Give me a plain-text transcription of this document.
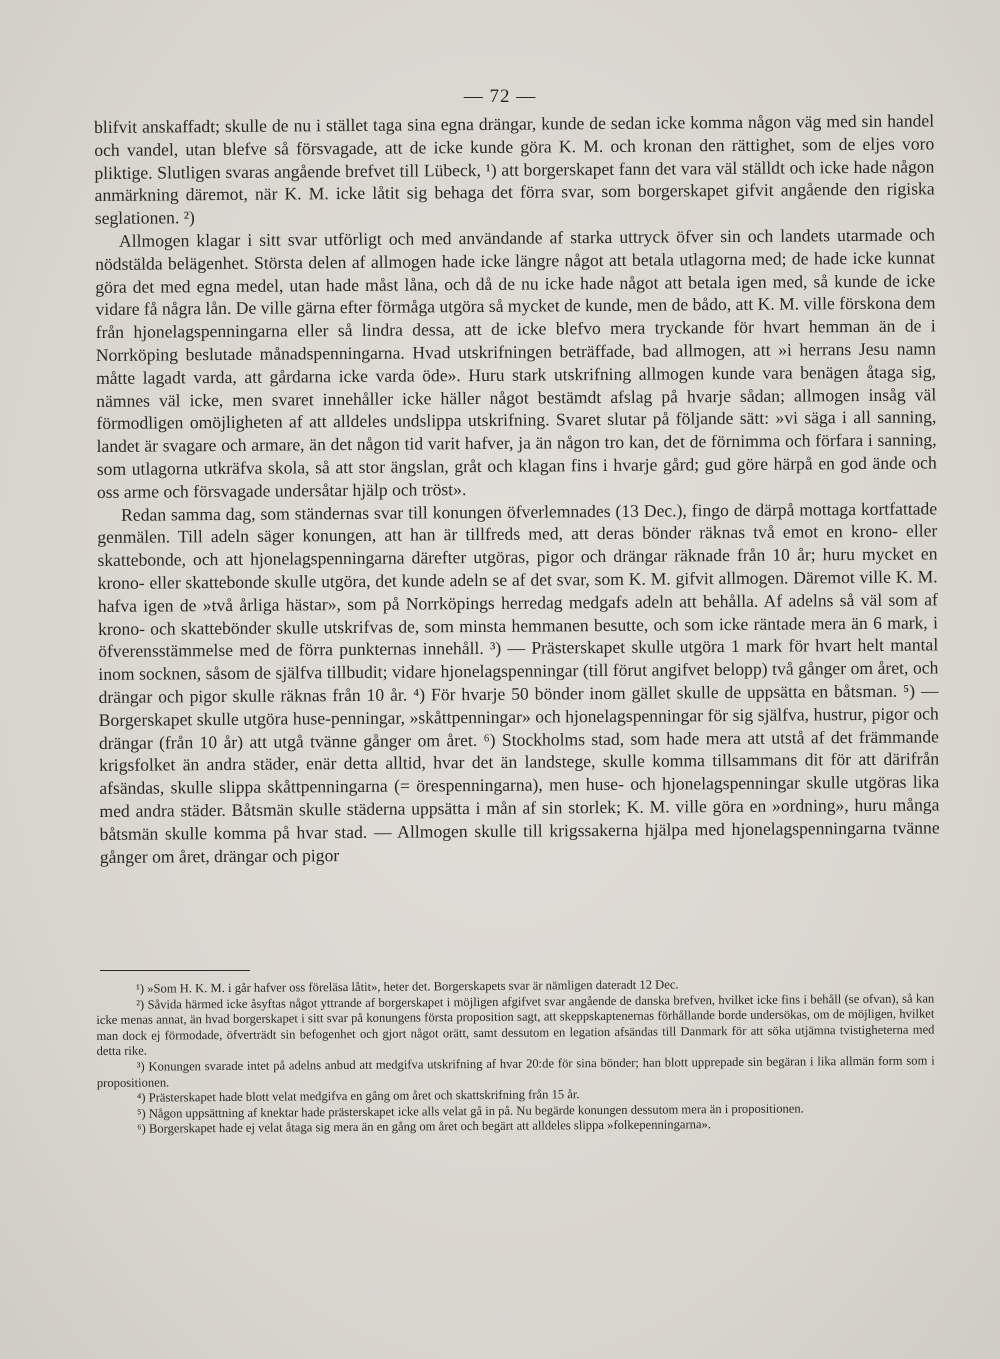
— 72 —

blifvit anskaffadt; skulle de nu i stället taga sina egna drängar, kunde de sedan icke komma någon väg med sin handel och vandel, utan blefve så försvagade, att de icke kunde göra K. M. och kronan den rättighet, som de eljes voro pliktige. Slutligen svaras angående brefvet till Lübeck, ¹) att borgerskapet fann det vara väl ställdt och icke hade någon anmärkning däremot, när K. M. icke låtit sig behaga det förra svar, som borgerskapet gifvit angående den rigiska seglationen. ²)

Allmogen klagar i sitt svar utförligt och med användande af starka uttryck öfver sin och landets utarmade och nödstälda belägenhet. Största delen af allmogen hade icke längre något att betala utlagorna med; de hade icke kunnat göra det med egna medel, utan hade måst låna, och då de nu icke hade något att betala igen med, så kunde de icke vidare få några lån. De ville gärna efter förmåga utgöra så mycket de kunde, men de bådo, att K. M. ville förskona dem från hjonelagspenningarna eller så lindra dessa, att de icke blefvo mera tryckande för hvart hemman än de i Norrköping beslutade månadspenningarna. Hvad utskrifningen beträffade, bad allmogen, att »i herrans Jesu namn måtte lagadt varda, att gårdarna icke varda öde». Huru stark utskrifning allmogen kunde vara benägen åtaga sig, nämnes väl icke, men svaret innehåller icke häller något bestämdt afslag på hvarje sådan; allmogen insåg väl förmodligen omöjligheten af att alldeles undslippa utskrifning. Svaret slutar på följande sätt: »vi säga i all sanning, landet är svagare och armare, än det någon tid varit hafver, ja än någon tro kan, det de förnimma och förfara i sanning, som utlagorna utkräfva skola, så att stor ängslan, gråt och klagan fins i hvarje gård; gud göre härpå en god ände och oss arme och försvagade undersåtar hjälp och tröst».

Redan samma dag, som ständernas svar till konungen öfverlemnades (13 Dec.), fingo de därpå mottaga kortfattade genmälen. Till adeln säger konungen, att han är tillfreds med, att deras bönder räknas två emot en krono- eller skattebonde, och att hjonelagspenningarna därefter utgöras, pigor och drängar räknade från 10 år; huru mycket en krono- eller skattebonde skulle utgöra, det kunde adeln se af det svar, som K. M. gifvit allmogen. Däremot ville K. M. hafva igen de »två årliga hästar», som på Norrköpings herredag medgafs adeln att behålla. Af adelns så väl som af krono- och skattebönder skulle utskrifvas de, som minsta hemmanen besutte, och som icke räntade mera än 6 mark, i öfverensstämmelse med de förra punkternas innehåll. ³) — Prästerskapet skulle utgöra 1 mark för hvart helt mantal inom socknen, såsom de själfva tillbudit; vidare hjonelagspenningar (till förut angifvet belopp) två gånger om året, och drängar och pigor skulle räknas från 10 år. ⁴) För hvarje 50 bönder inom gället skulle de uppsätta en båtsman. ⁵) — Borgerskapet skulle utgöra huse-penningar, »skåttpenningar» och hjonelagspenningar för sig själfva, hustrur, pigor och drängar (från 10 år) att utgå tvänne gånger om året. ⁶) Stockholms stad, som hade mera att utstå af det främmande krigsfolket än andra städer, enär detta alltid, hvar det än landstege, skulle komma tillsammans dit för att därifrån afsändas, skulle slippa skåttpenningarna (= örespenningarna), men huse- och hjonelagspenningar skulle utgöras lika med andra städer. Båtsmän skulle städerna uppsätta i mån af sin storlek; K. M. ville göra en »ordning», huru många båtsmän skulle komma på hvar stad. — Allmogen skulle till krigssakerna hjälpa med hjonelagspenningarna tvänne gånger om året, drängar och pigor

¹) »Som H. K. M. i går hafver oss föreläsa låtit», heter det. Borgerskapets svar är nämligen dateradt 12 Dec.

²) Såvida härmed icke åsyftas något yttrande af borgerskapet i möjligen afgifvet svar angående de danska brefven, hvilket icke fins i behåll (se ofvan), så kan icke menas annat, än hvad borgerskapet i sitt svar på konungens första proposition sagt, att skeppskaptenernas förhållande borde undersökas, om de möjligen, hvilket man dock ej förmodade, öfverträdt sin befogenhet och gjort något orätt, samt dessutom en legation afsändas till Danmark för att söka utjämna tvistigheterna med detta rike.

³) Konungen svarade intet på adelns anbud att medgifva utskrifning af hvar 20:de för sina bönder; han blott upprepade sin begäran i lika allmän form som i propositionen.

⁴) Prästerskapet hade blott velat medgifva en gång om året och skattskrifning från 15 år.

⁵) Någon uppsättning af knektar hade prästerskapet icke alls velat gå in på. Nu begärde konungen dessutom mera än i propositionen.

⁶) Borgerskapet hade ej velat åtaga sig mera än en gång om året och begärt att alldeles slippa »folkepenningarna».
